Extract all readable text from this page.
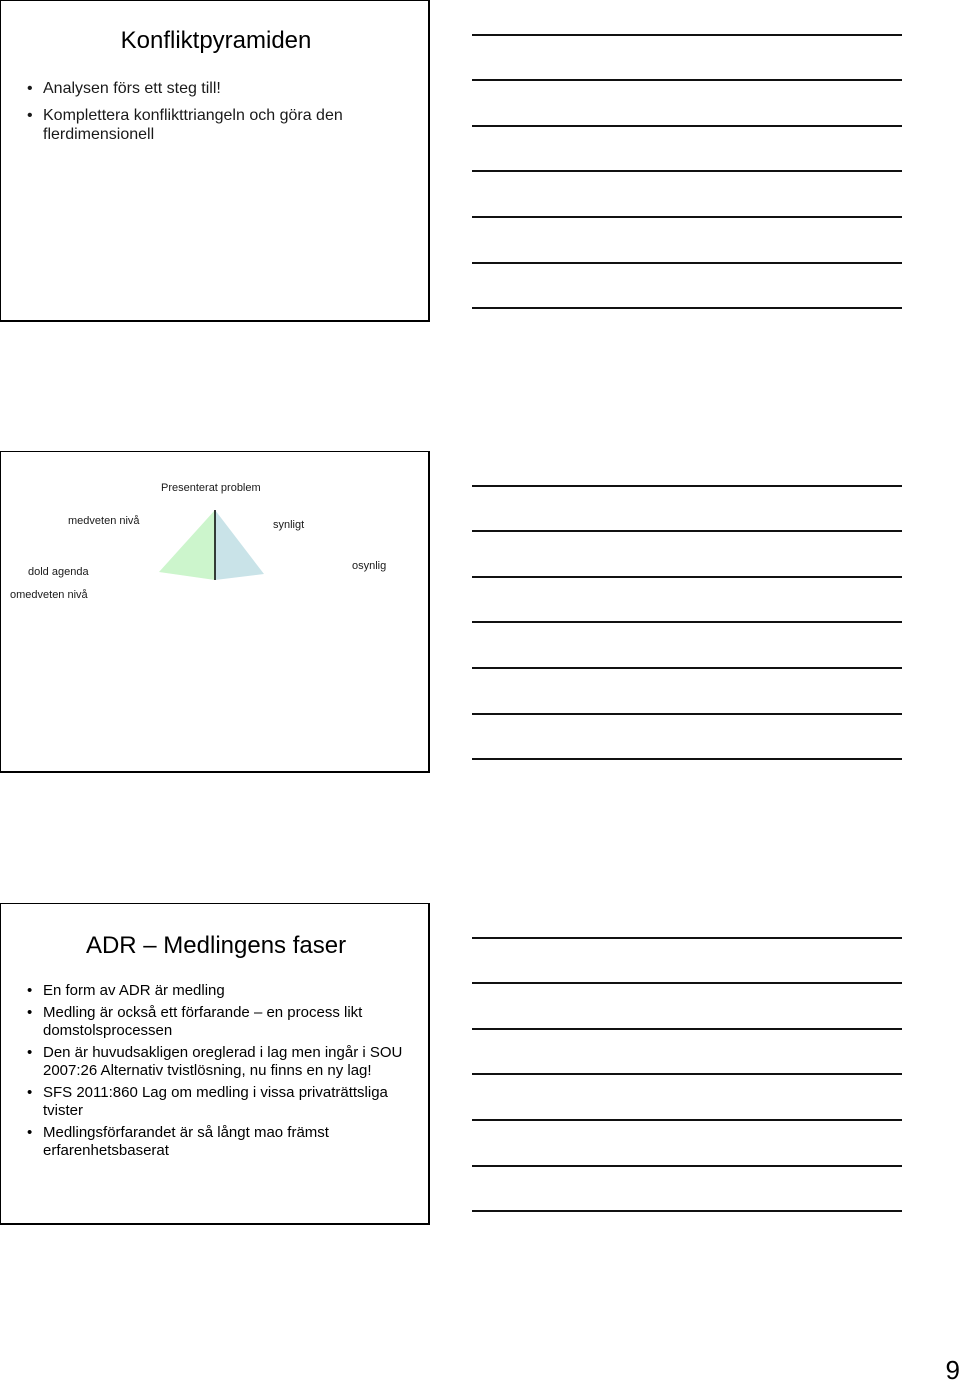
Konfliktpyramiden
• Analysen förs ett steg till!
• Komplettera konflikttriangeln och göra den flerdimensionell
Presenterat problem
medveten nivå	synligt
dold agenda	osynlig
omedveten nivå
ADR – Medlingens faser
• En form av ADR är medling
• Medling är också ett förfarande – en process likt domstolsprocessen
• Den är huvudsakligen oreglerad i lag men ingår i SOU 2007:26 Alternativ tvistlösning, nu finns en ny lag!
• SFS 2011:860 Lag om medling i vissa privaträttsliga tvister
• Medlingsförfarandet är så långt mao främst erfarenhetsbaserat
9
